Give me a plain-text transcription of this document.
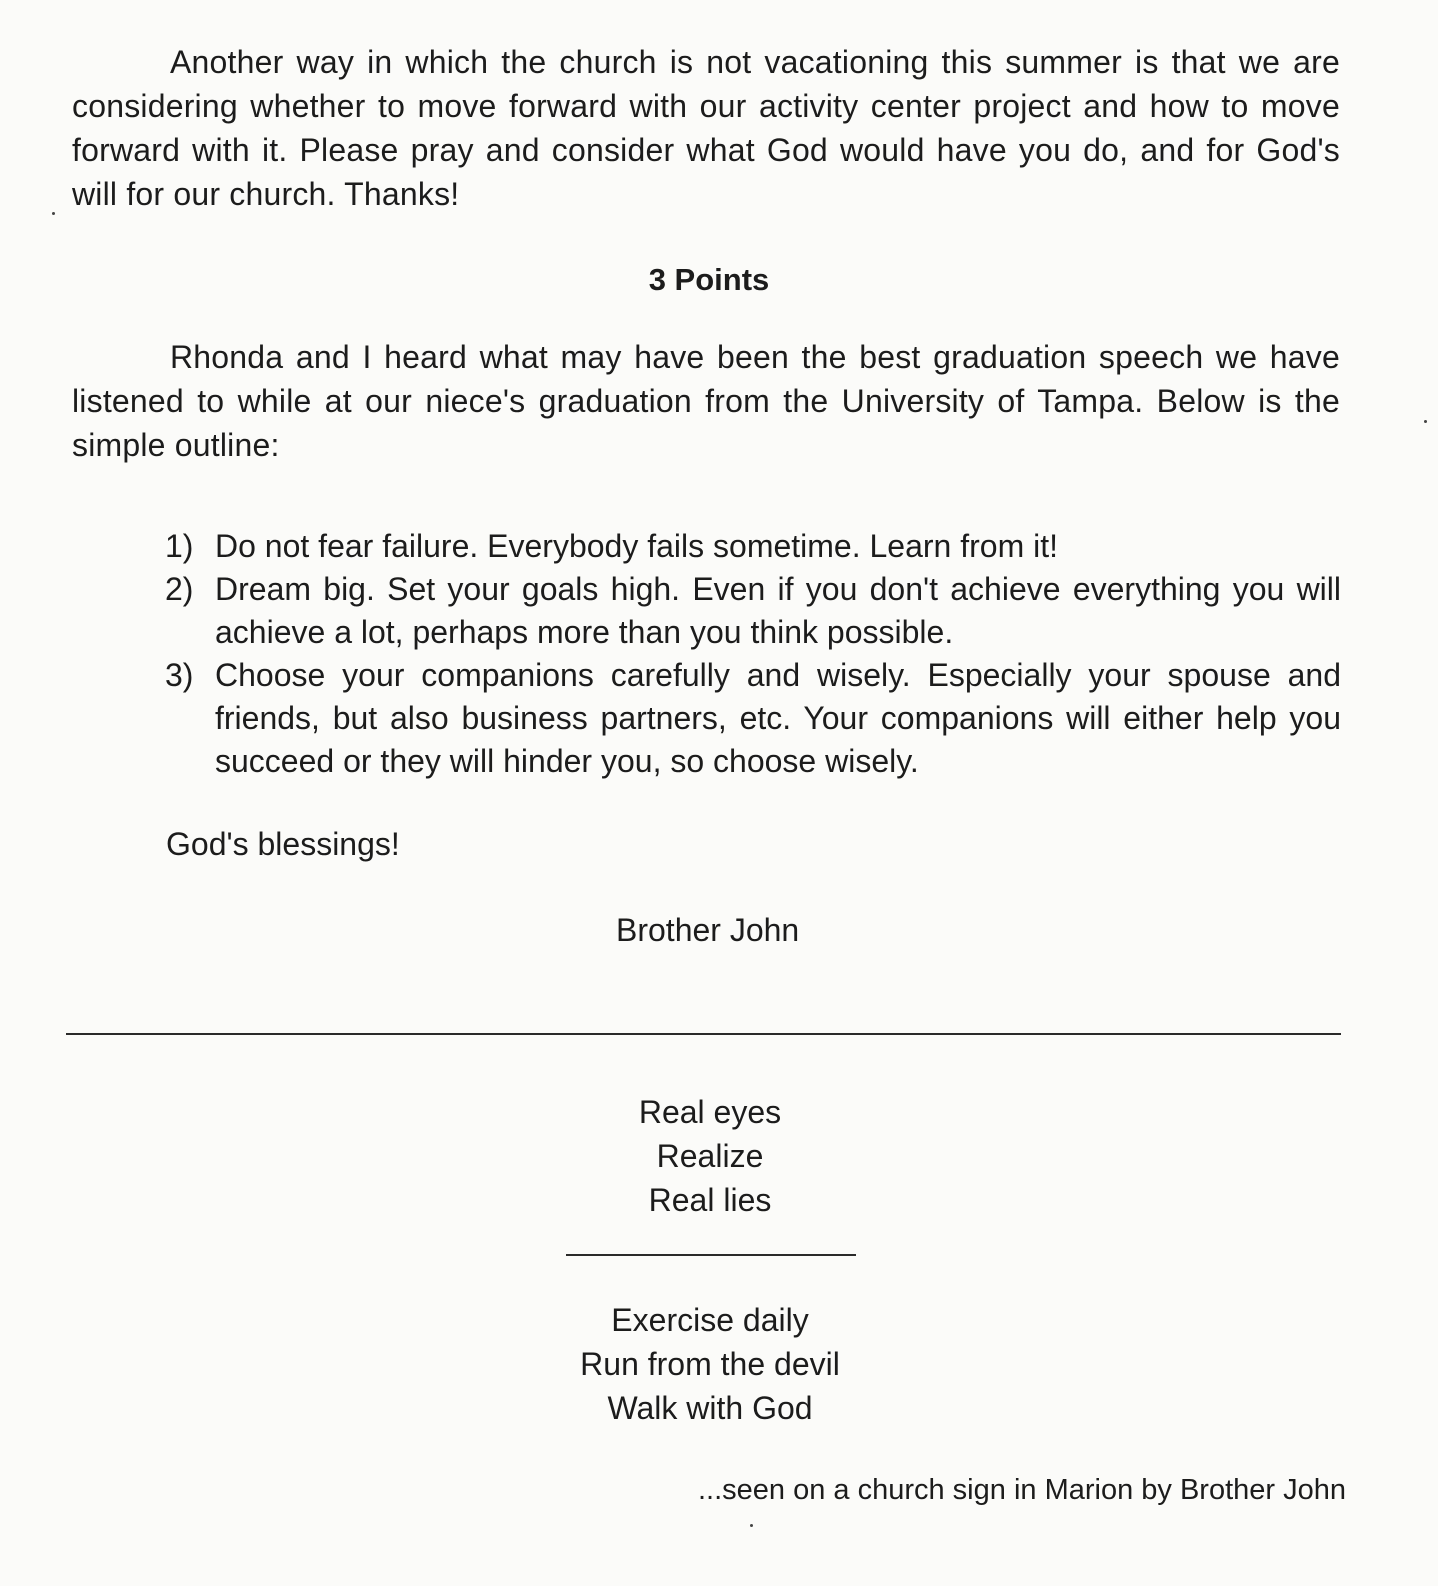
Another way in which the church is not vacationing this summer is that we are considering whether to move forward with our activity center project and how to move forward with it. Please pray and consider what God would have you do, and for God's will for our church. Thanks!
3 Points
Rhonda and I heard what may have been the best graduation speech we have listened to while at our niece's graduation from the University of Tampa. Below is the simple outline:
1) Do not fear failure. Everybody fails sometime. Learn from it!
2) Dream big. Set your goals high. Even if you don't achieve everything you will achieve a lot, perhaps more than you think possible.
3) Choose your companions carefully and wisely. Especially your spouse and friends, but also business partners, etc. Your companions will either help you succeed or they will hinder you, so choose wisely.
God's blessings!
Brother John
Real eyes
Realize
Real lies
Exercise daily
Run from the devil
Walk with God
...seen on a church sign in Marion by Brother John
